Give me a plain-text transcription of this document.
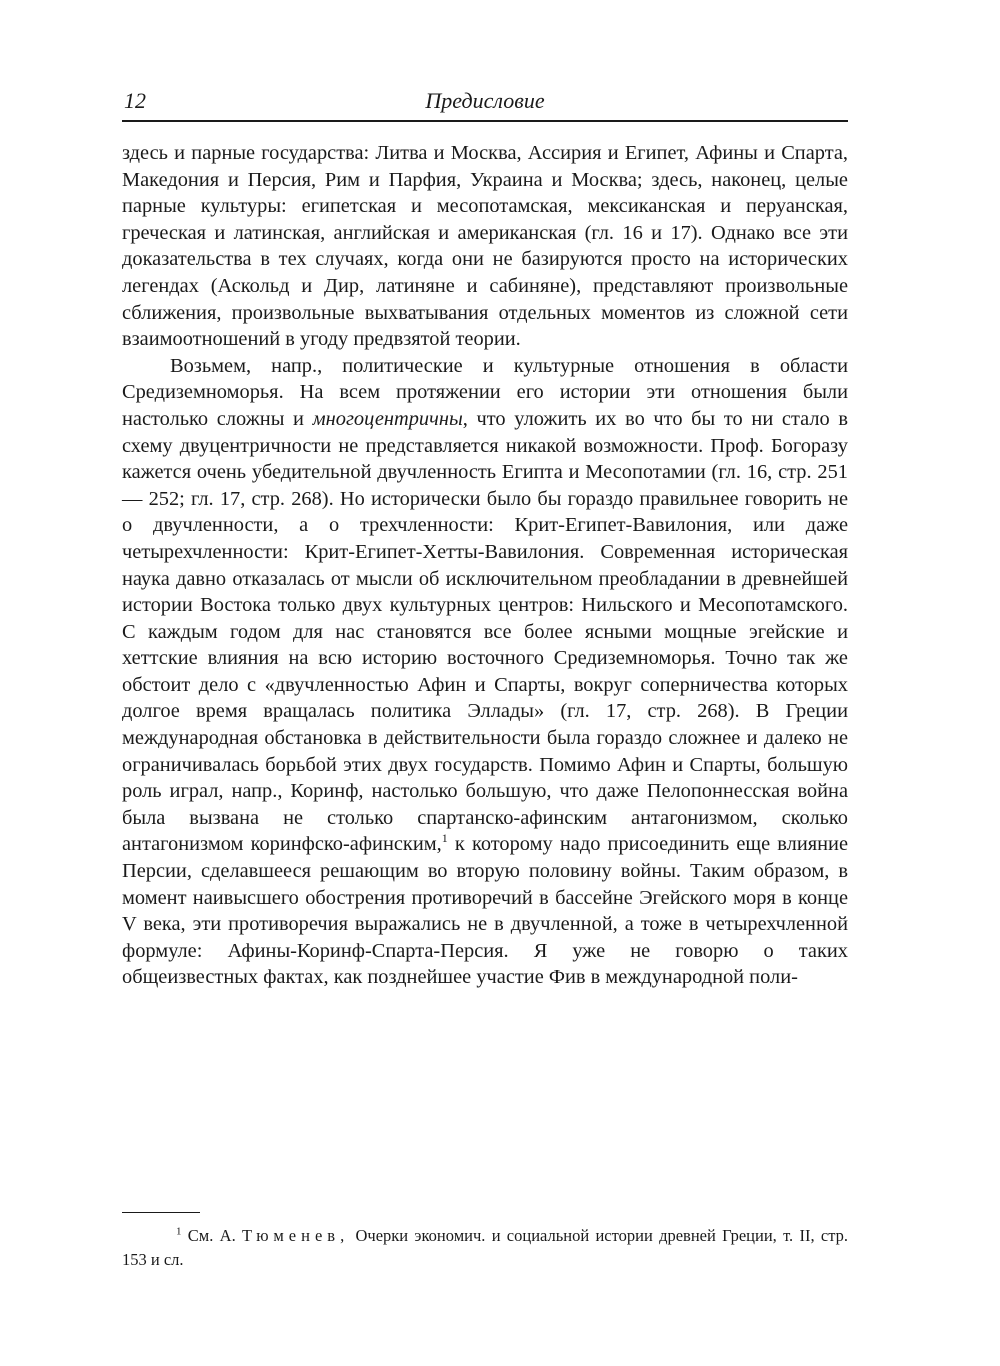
12	Предисловие

здесь и парные государства: Литва и Москва, Ассирия и Египет, Афины и Спарта, Македония и Персия, Рим и Парфия, Украина и Москва; здесь, наконец, целые парные культуры: египетская и месопотамская, мексиканская и перуанская, греческая и латинская, английская и американская (гл. 16 и 17). Однако все эти доказательства в тех случаях, когда они не базируются просто на исторических легендах (Аскольд и Дир, латиняне и сабиняне), представляют произвольные сближения, произвольные выхватывания отдельных моментов из сложной сети взаимоотношений в угоду предвзятой теории.

Возьмем, напр., политические и культурные отношения в области Средиземноморья. На всем протяжении его истории эти отношения были настолько сложны и многоцентричны, что уложить их во что бы то ни стало в схему двуцентричности не представляется никакой возможности. Проф. Богоразу кажется очень убедительной двучленность Египта и Месопотамии (гл. 16, стр. 251 — 252; гл. 17, стр. 268). Но исторически было бы гораздо правильнее говорить не о двучленности, а о трехчленности: Крит-Египет-Вавилония, или даже четырехчленности: Крит-Египет-Хетты-Вавилония. Современная историческая наука давно отказалась от мысли об исключительном преобладании в древнейшей истории Востока только двух культурных центров: Нильского и Месопотамского. С каждым годом для нас становятся все более ясными мощные эгейские и хеттские влияния на всю историю восточного Средиземноморья. Точно так же обстоит дело с «двучленностью Афин и Спарты, вокруг соперничества которых долгое время вращалась политика Эллады» (гл. 17, стр. 268). В Греции международная обстановка в действительности была гораздо сложнее и далеко не ограничивалась борьбой этих двух государств. Помимо Афин и Спарты, большую роль играл, напр., Коринф, настолько большую, что даже Пелопоннесская война была вызвана не столько спартанско-афинским антагонизмом, сколько антагонизмом коринфско-афинским,$^1$ к которому надо присоединить еще влияние Персии, сделавшееся решающим во вторую половину войны. Таким образом, в момент наивысшего обострения противоречий в бассейне Эгейского моря в конце V века, эти противоречия выражались не в двучленной, а тоже в четырехчленной формуле: Афины-Коринф-Спарта-Персия. Я уже не говорю о таких общеизвестных фактах, как позднейшее участие Фив в международной поли-

$^1$ См. А. Тюменев, Очерки экономич. и социальной истории древней Греции, т. II, стр. 153 и сл.
